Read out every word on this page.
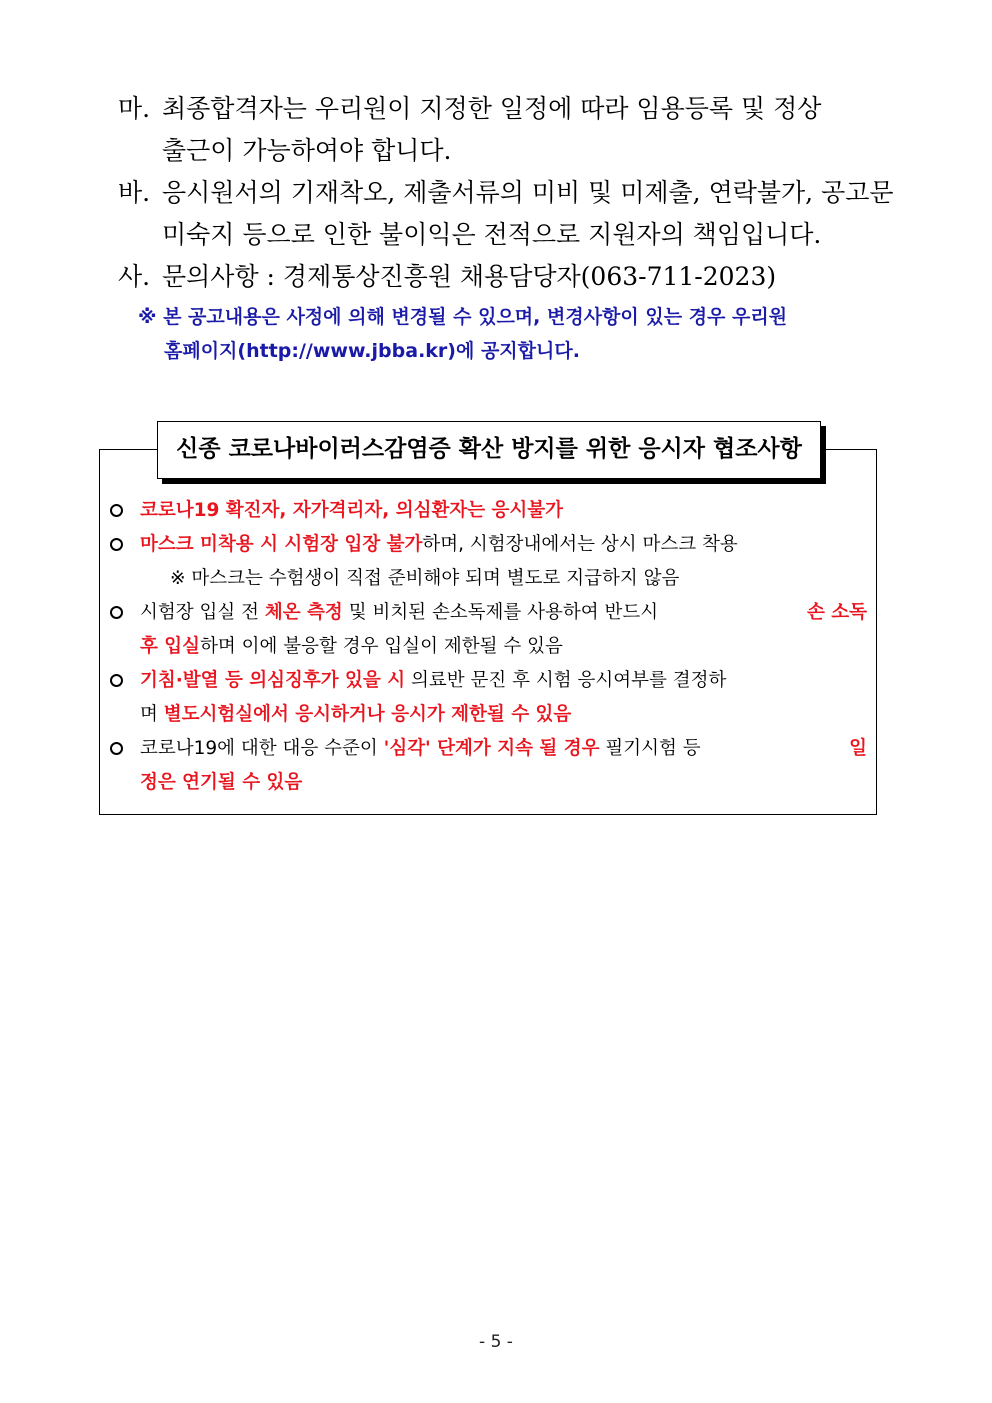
마. 최종합격자는 우리원이 지정한 일정에 따라 임용등록 및 정상
출근이 가능하여야 합니다.
바. 응시원서의 기재착오, 제출서류의 미비 및 미제출, 연락불가, 공고문
미숙지 등으로 인한 불이익은 전적으로 지원자의 책임입니다.
사. 문의사항 : 경제통상진흥원 채용담당자(063-711-2023)
※ 본 공고내용은 사정에 의해 변경될 수 있으며, 변경사항이 있는 경우 우리원
홈페이지(http://www.jbba.kr)에 공지합니다.
신종 코로나바이러스감염증 확산 방지를 위한 응시자 협조사항
코로나19 확진자, 자가격리자, 의심환자는 응시불가
마스크 미착용 시 시험장 입장 불가하며, 시험장내에서는 상시 마스크 착용
※ 마스크는 수험생이 직접 준비해야 되며 별도로 지급하지 않음
시험장 입실 전 체온 측정 및 비치된 손소독제를 사용하여 반드시	손 소독
후 입실하며 이에 불응할 경우 입실이 제한될 수 있음
기침·발열 등 의심징후가 있을 시 의료반 문진 후 시험 응시여부를 결정하
며 별도시험실에서 응시하거나 응시가 제한될 수 있음
코로나19에 대한 대응 수준이 '심각' 단계가 지속 될 경우 필기시험 등	일
정은 연기될 수 있음
- 5 -
